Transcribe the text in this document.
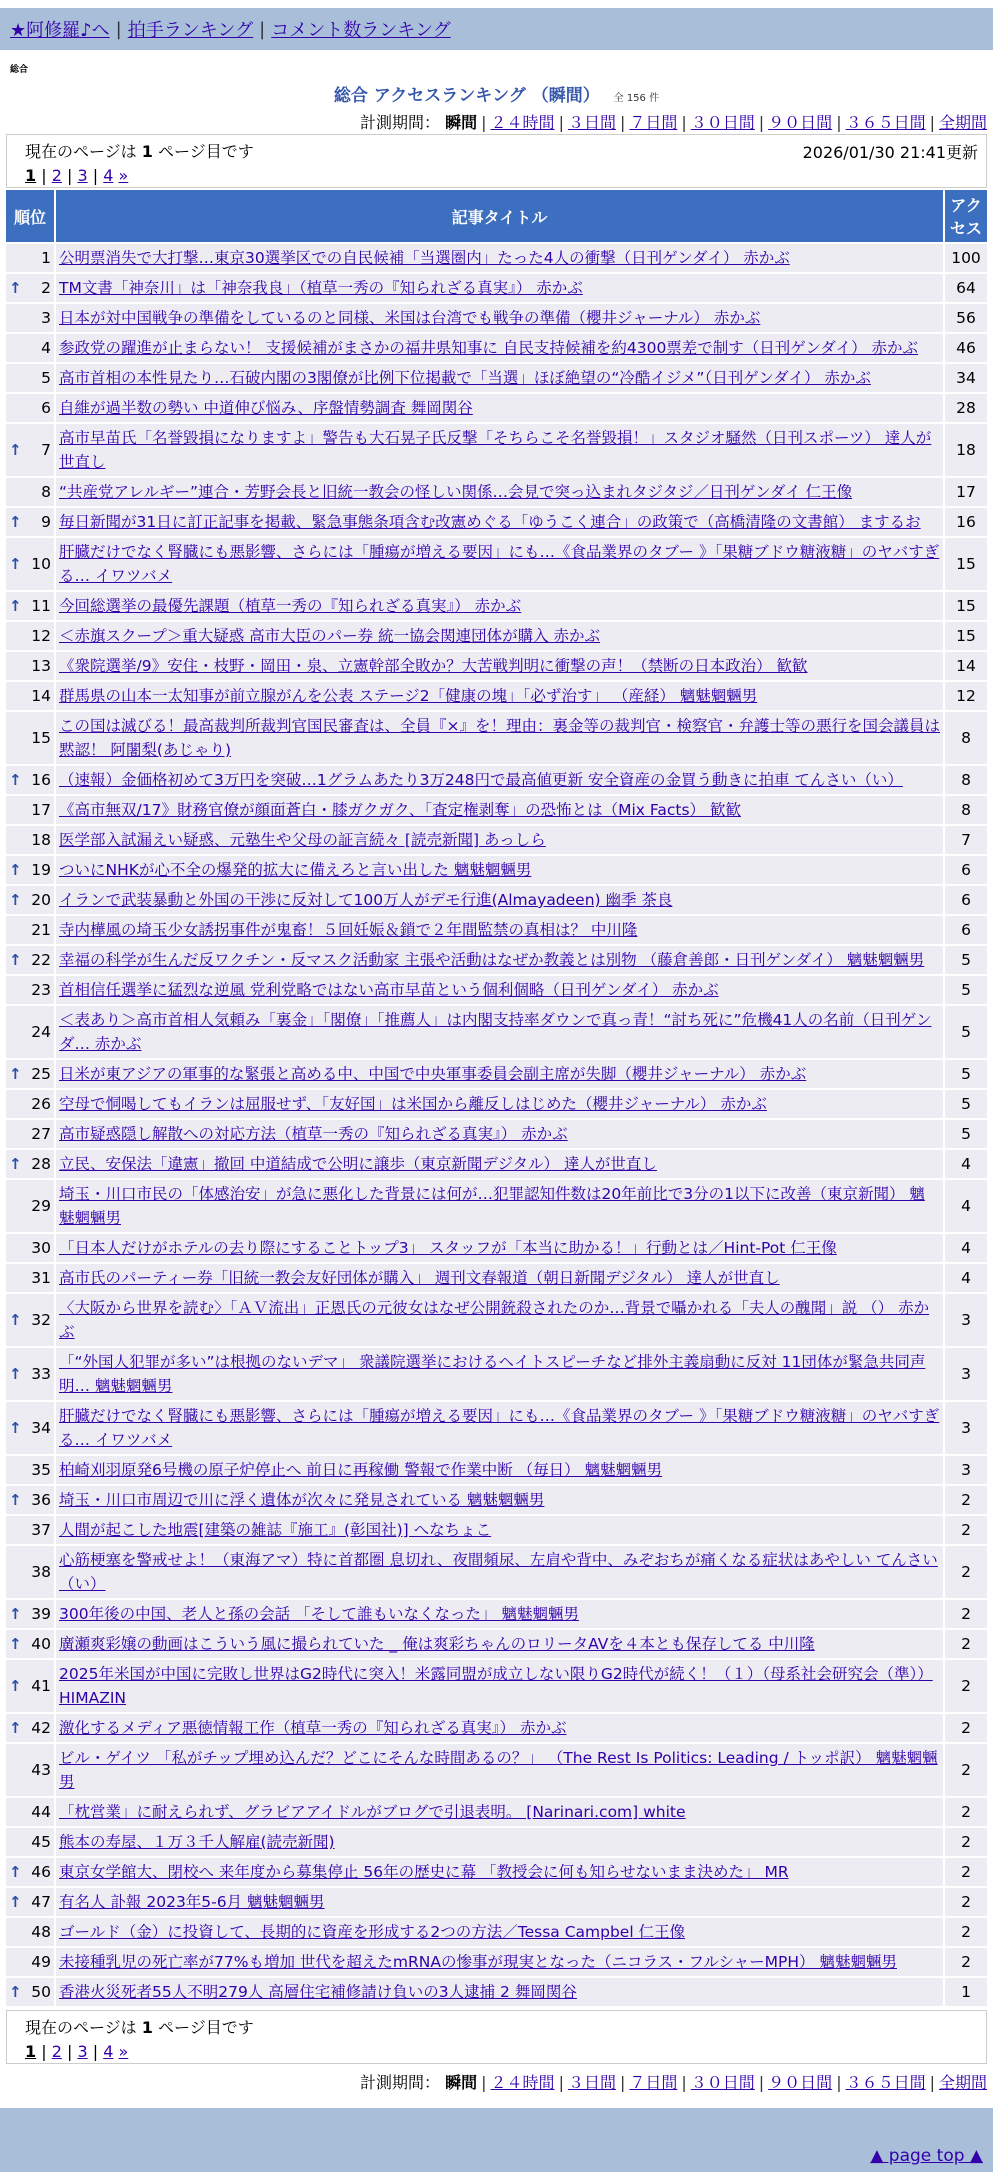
★阿修羅♪へ | 拍手ランキング | コメント数ランキング
総合
総合 アクセスランキング （瞬間） 全 156 件
計測期間： 瞬間 | ２４時間 | ３日間 | ７日間 | ３０日間 | ９０日間 | ３６５日間 | 全期間
現在のページは 1 ページ目です	2026/01/30 21:41更新
1 | 2 | 3 | 4 »
順位	記事タイトル	アクセス
1	公明票消失で大打撃…東京30選挙区での自民候補「当選圏内」たった4人の衝撃（日刊ゲンダイ） 赤かぶ	100

↑ 2	TM文書「神奈川」は「神奈我良」（植草一秀の『知られざる真実』） 赤かぶ	64
3	日本が対中国戦争の準備をしているのと同様、米国は台湾でも戦争の準備（櫻井ジャーナル） 赤かぶ	56
4	参政党の躍進が止まらない！ 支援候補がまさかの福井県知事に 自民支持候補を約4300票差で制す（日刊ゲンダイ） 赤かぶ	46
5	高市首相の本性見たり…石破内閣の3閣僚が比例下位掲載で「当選」ほぼ絶望の“冷酷イジメ”（日刊ゲンダイ） 赤かぶ	34
6	自維が過半数の勢い 中道伸び悩み、序盤情勢調査 舞岡関谷	28

↑ 7	高市早苗氏「名誉毀損になりますよ」警告も大石晃子氏反撃「そちらこそ名誉毀損！」スタジオ騒然（日刊スポーツ） 達人が世直し	18
8	“共産党アレルギー”連合・芳野会長と旧統一教会の怪しい関係…会見で突っ込まれタジタジ／日刊ゲンダイ 仁王像	17

↑ 9	毎日新聞が31日に訂正記事を掲載、緊急事態条項含む改憲めぐる「ゆうこく連合」の政策で（高橋清隆の文書館） まするお	16

↑ 10	肝臓だけでなく腎臓にも悪影響、さらには「腫瘍が増える要因」にも…《食品業界のタブー 》「果糖ブドウ糖液糖」のヤバすぎる… イワツバメ	15

↑ 11	今回総選挙の最優先課題（植草一秀の『知られざる真実』） 赤かぶ	15
12	＜赤旗スクープ＞重大疑惑 高市大臣のパー券 統一協会関連団体が購入 赤かぶ	15
13	《衆院選挙/9》安住・枝野・岡田・泉、立憲幹部全敗か？大苦戦判明に衝撃の声！（禁断の日本政治） 歓歓	14
14	群馬県の山本一太知事が前立腺がんを公表 ステージ2「健康の塊」「必ず治す」 （産経） 魑魅魍魎男	12
15	この国は滅びる！最高裁判所裁判官国民審査は、全員『×』を！理由：裏金等の裁判官・検察官・弁護士等の悪行を国会議員は黙認！ 阿闍梨(あじゃり)	8

↑ 16	（速報）金価格初めて3万円を突破…1グラムあたり3万248円で最高値更新 安全資産の金買う動きに拍車 てんさい（い）	8
17	《高市無双/17》財務官僚が顔面蒼白・膝ガクガク、「査定権剥奪」の恐怖とは（Mix Facts） 歓歓	8
18	医学部入試漏えい疑惑、元塾生や父母の証言続々 [読売新聞] あっしら	7

↑ 19	ついにNHKが心不全の爆発的拡大に備えろと言い出した 魑魅魍魎男	6

↑ 20	イランで武装暴動と外国の干渉に反対して100万人がデモ行進(Almayadeen) 幽季 茶良	6
21	寺内樺風の埼玉少女誘拐事件が鬼畜！５回妊娠＆鎖で２年間監禁の真相は？ 中川隆	6

↑ 22	幸福の科学が生んだ反ワクチン・反マスク活動家 主張や活動はなぜか教義とは別物 （藤倉善郎・日刊ゲンダイ） 魑魅魍魎男	5
23	首相信任選挙に猛烈な逆風 党利党略ではない高市早苗という個利個略（日刊ゲンダイ） 赤かぶ	5
24	＜表あり＞高市首相人気頼み「裏金」「閣僚」「推薦人」は内閣支持率ダウンで真っ青！“討ち死に”危機41人の名前（日刊ゲンダ… 赤かぶ	5

↑ 25	日米が東アジアの軍事的な緊張と高める中、中国で中央軍事委員会副主席が失脚（櫻井ジャーナル） 赤かぶ	5
26	空母で恫喝してもイランは屈服せず、「友好国」は米国から離反しはじめた（櫻井ジャーナル） 赤かぶ	5
27	高市疑惑隠し解散への対応方法（植草一秀の『知られざる真実』） 赤かぶ	5

↑ 28	立民、安保法「違憲」撤回 中道結成で公明に譲歩（東京新聞デジタル） 達人が世直し	4
29	埼玉・川口市民の「体感治安」が急に悪化した背景には何が…犯罪認知件数は20年前比で3分の1以下に改善（東京新聞） 魑魅魍魎男	4
30	「日本人だけがホテルの去り際にすることトップ3」 スタッフが「本当に助かる！」行動とは／Hint-Pot 仁王像	4
31	高市氏のパーティー券「旧統一教会友好団体が購入」 週刊文春報道（朝日新聞デジタル） 達人が世直し	4

↑ 32	〈大阪から世界を読む〉「ＡＶ流出」正恩氏の元彼女はなぜ公開銃殺されたのか…背景で囁かれる「夫人の醜聞」説 （） 赤かぶ	3

↑ 33	「“外国人犯罪が多い”は根拠のないデマ」 衆議院選挙におけるヘイトスピーチなど排外主義扇動に反対 11団体が緊急共同声明… 魑魅魍魎男	3

↑ 34	肝臓だけでなく腎臓にも悪影響、さらには「腫瘍が増える要因」にも…《食品業界のタブー 》「果糖ブドウ糖液糖」のヤバすぎる… イワツバメ	3
35	柏崎刈羽原発6号機の原子炉停止へ 前日に再稼働 警報で作業中断 （毎日） 魑魅魍魎男	3

↑ 36	埼玉・川口市周辺で川に浮く遺体が次々に発見されている 魑魅魍魎男	2
37	人間が起こした地震[建築の雑誌『施工』(彰国社)] へなちょこ	2
38	心筋梗塞を警戒せよ！（東海アマ）特に首都圏 息切れ、夜間頻尿、左肩や背中、みぞおちが痛くなる症状はあやしい てんさい（い）	2

↑ 39	300年後の中国、老人と孫の会話 「そして誰もいなくなった」 魑魅魍魎男	2

↑ 40	廣瀬爽彩嬢の動画はこういう風に撮られていた _ 俺は爽彩ちゃんのロリータAVを４本とも保存してる 中川隆	2

↑ 41	2025年米国が中国に完敗し世界はG2時代に突入！米露同盟が成立しない限りG2時代が続く！（１）（母系社会研究会（準）） HIMAZIN	2

↑ 42	激化するメディア悪徳情報工作（植草一秀の『知られざる真実』） 赤かぶ	2
43	ビル・ゲイツ 「私がチップ埋め込んだ？どこにそんな時間あるの？」 （The Rest Is Politics: Leading / トッポ訳） 魑魅魍魎男	2
44	「枕営業」に耐えられず、グラビアアイドルがブログで引退表明。 [Narinari.com] white	2
45	熊本の寿屋、１万３千人解雇(読売新聞)	2

↑ 46	東京女学館大、閉校へ 来年度から募集停止 56年の歴史に幕 「教授会に何も知らせないまま決めた」 MR	2

↑ 47	有名人 訃報 2023年5-6月 魑魅魍魎男	2
48	ゴールド（金）に投資して、長期的に資産を形成する2つの方法／Tessa Campbel 仁王像	2
49	未接種乳児の死亡率が77%も増加 世代を超えたmRNAの惨事が現実となった（ニコラス・フルシャーMPH） 魑魅魍魎男	2

↑ 50	香港火災死者55人不明279人 高層住宅補修請け負いの3人逮捕 2 舞岡関谷	1
現在のページは 1 ページ目です
1 | 2 | 3 | 4 »
計測期間： 瞬間 | ２４時間 | ３日間 | ７日間 | ３０日間 | ９０日間 | ３６５日間 | 全期間
▲ page top ▲
